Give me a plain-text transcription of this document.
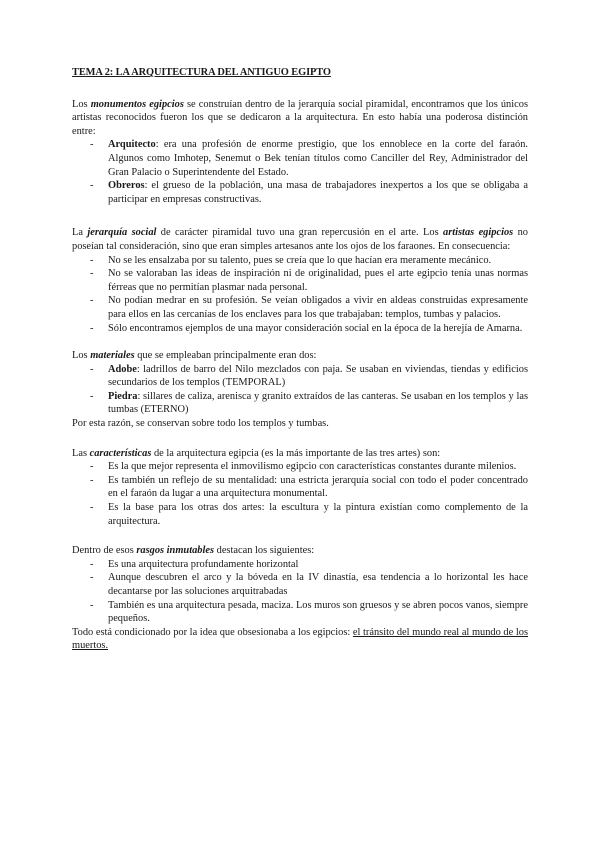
TEMA 2: LA ARQUITECTURA DEL ANTIGUO EGIPTO

Los monumentos egipcios se construían dentro de la jerarquía social piramidal, encontramos que los únicos artistas reconocidos fueron los que se dedicaron a la arquitectura. En esto había una poderosa distinción entre:

- Arquitecto: era una profesión de enorme prestigio, que los ennoblece en la corte del faraón. Algunos como Imhotep, Senemut o Bek tenían títulos como Canciller del Rey, Administrador del Gran Palacio o Superintendente del Estado.
- Obreros: el grueso de la población, una masa de trabajadores inexpertos a los que se obligaba a participar en empresas constructivas.

La jerarquía social de carácter piramidal tuvo una gran repercusión en el arte. Los artistas egipcios no poseían tal consideración, sino que eran simples artesanos ante los ojos de los faraones. En consecuencia:

- No se les ensalzaba por su talento, pues se creía que lo que hacían era meramente mecánico.
- No se valoraban las ideas de inspiración ni de originalidad, pues el arte egipcio tenía unas normas férreas que no permitían plasmar nada personal.
- No podían medrar en su profesión. Se veían obligados a vivir en aldeas construidas expresamente para ellos en las cercanías de los enclaves para los que trabajaban: templos, tumbas y palacios.
- Sólo encontramos ejemplos de una mayor consideración social en la época de la herejía de Amarna.

Los materiales que se empleaban principalmente eran dos:

- Adobe: ladrillos de barro del Nilo mezclados con paja. Se usaban en viviendas, tiendas y edificios secundarios de los templos (TEMPORAL)
- Piedra: sillares de caliza, arenisca y granito extraídos de las canteras. Se usaban en los templos y las tumbas (ETERNO)

Por esta razón, se conservan sobre todo los templos y tumbas.

Las características de la arquitectura egipcia (es la más importante de las tres artes) son:

- Es la que mejor representa el inmovilismo egipcio con características constantes durante milenios.
- Es también un reflejo de su mentalidad: una estricta jerarquía social con todo el poder concentrado en el faraón da lugar a una arquitectura monumental.
- Es la base para los otras dos artes: la escultura y la pintura existían como complemento de la arquitectura.

Dentro de esos rasgos inmutables destacan los siguientes:

- Es una arquitectura profundamente horizontal
- Aunque descubren el arco y la bóveda en la IV dinastía, esa tendencia a lo horizontal les hace decantarse por las soluciones arquitrabadas
- También es una arquitectura pesada, maciza. Los muros son gruesos y se abren pocos vanos, siempre pequeños.

Todo está condicionado por la idea que obsesionaba a los egipcios: el tránsito del mundo real al mundo de los muertos.
